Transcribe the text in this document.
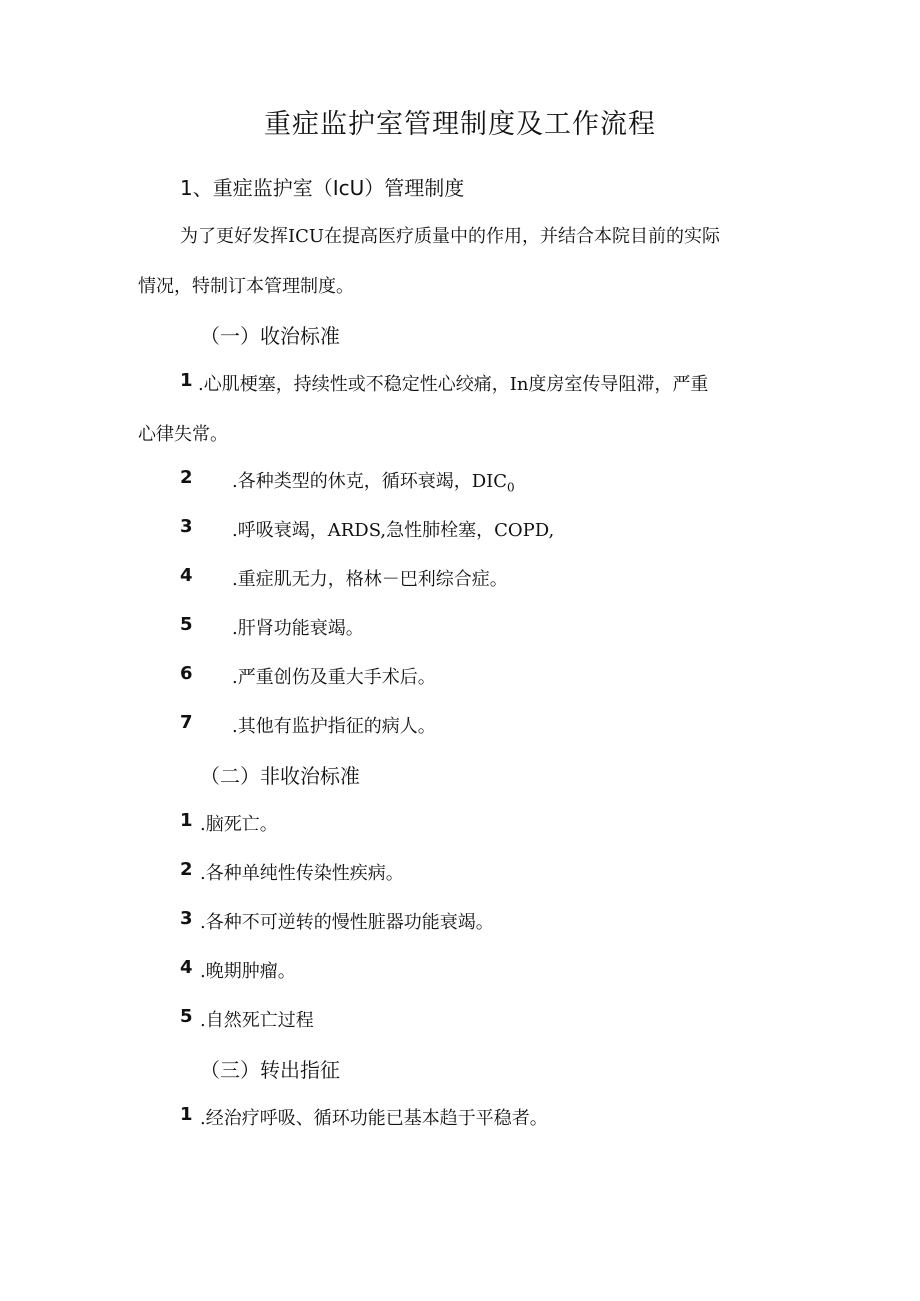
重症监护室管理制度及工作流程
1、重症监护室（IcU）管理制度
为了更好发挥ICU在提高医疗质量中的作用，并结合本院目前的实际
情况，特制订本管理制度。
（一）收治标准
1 .心肌梗塞，持续性或不稳定性心绞痛，In度房室传导阻滞，严重
心律失常。
2 .各种类型的休克，循环衰竭，$DIC_0$
3 .呼吸衰竭，ARDS,急性肺栓塞，COPD,
4 .重症肌无力，格林－巴利综合症。
5 .肝肾功能衰竭。
6 .严重创伤及重大手术后。
7 .其他有监护指征的病人。
（二）非收治标准
1 .脑死亡。
2 .各种单纯性传染性疾病。
3 .各种不可逆转的慢性脏器功能衰竭。
4 .晚期肿瘤。
5 .自然死亡过程
（三）转出指征
1 .经治疗呼吸、循环功能已基本趋于平稳者。
